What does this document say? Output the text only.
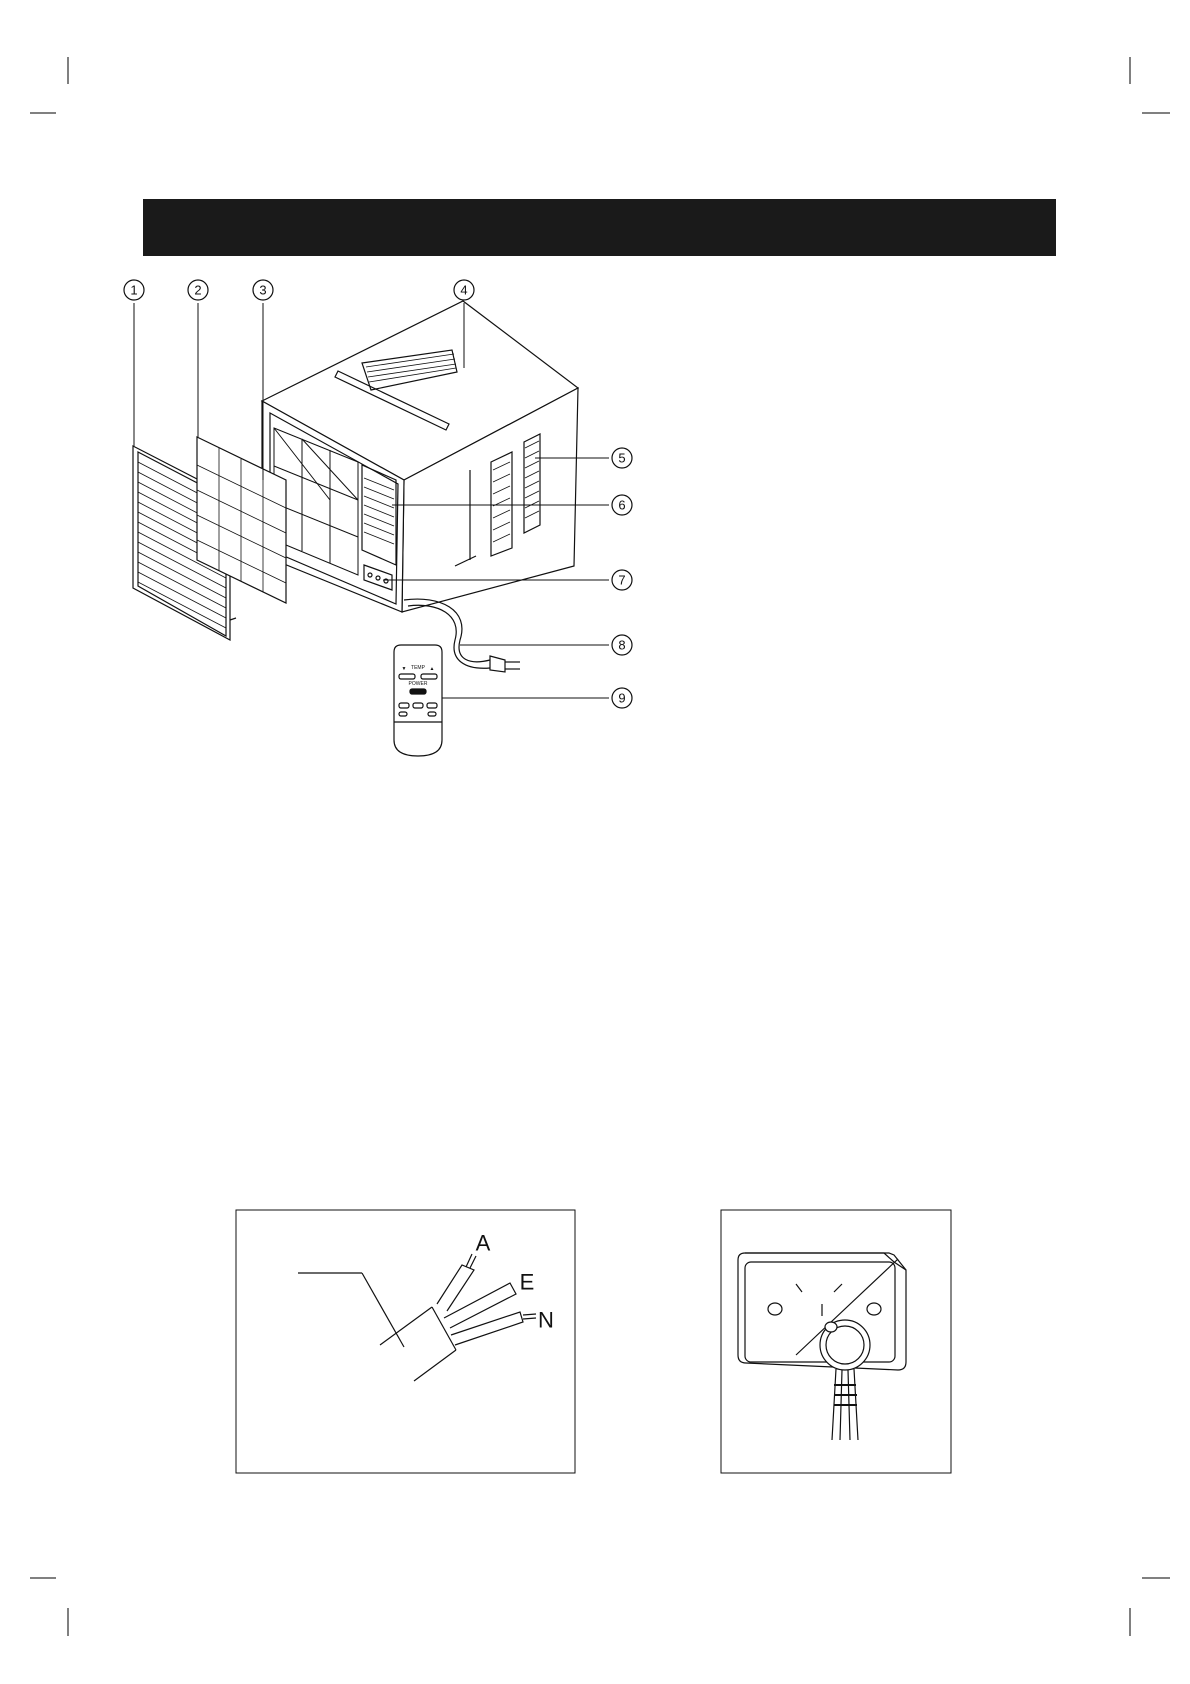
TEMP
▼	▲
POWER
1	2	3	4
5
6
7
8
9
A
E
N
